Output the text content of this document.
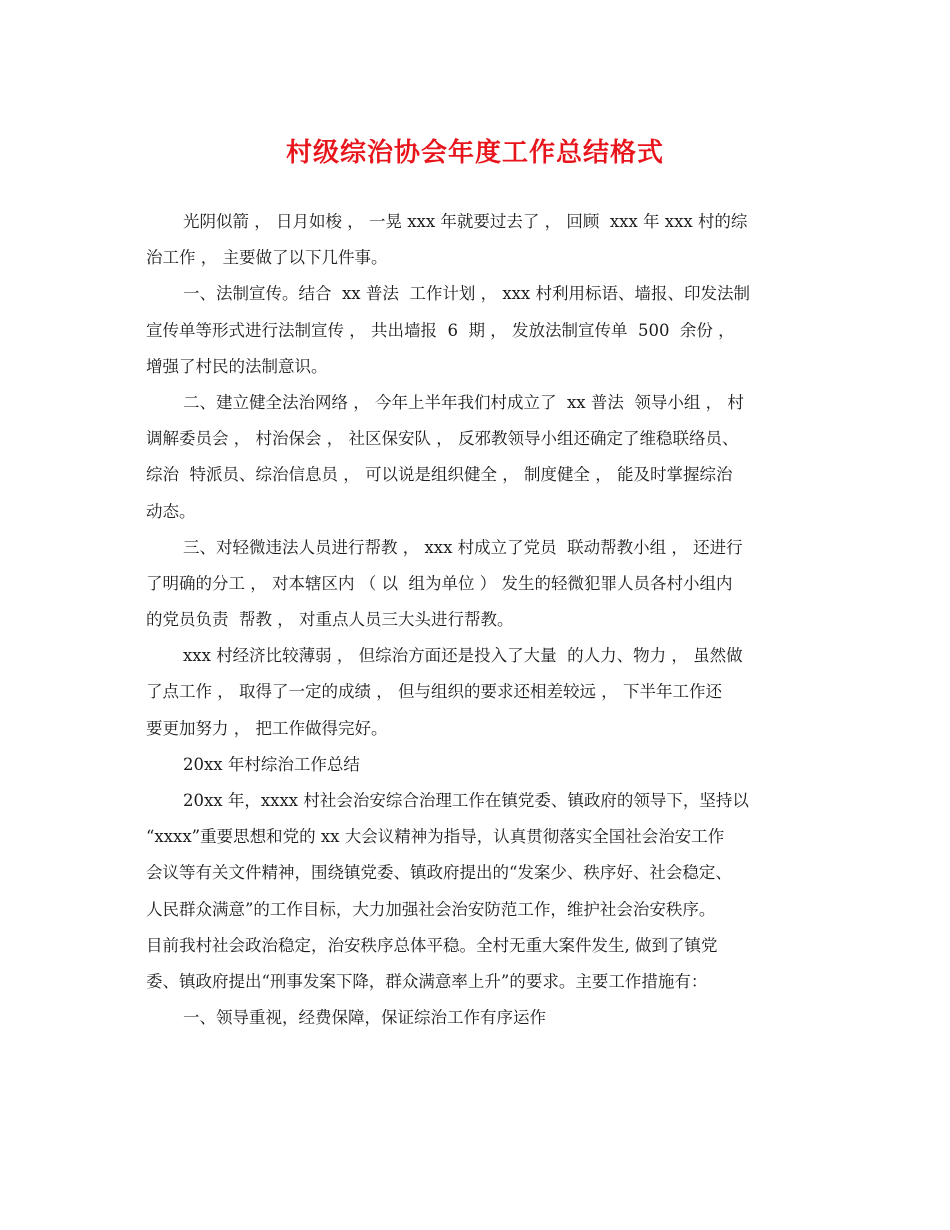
村级综治协会年度工作总结格式
光阴似箭 ， 日月如梭 ， 一晃 xxx 年就要过去了 ， 回顾  xxx 年 xxx 村的综
治工作 ， 主要做了以下几件事。
一、法制宣传。结合  xx 普法  工作计划 ， xxx 村利用标语、墙报、印发法制
宣传单等形式进行法制宣传 ， 共出墙报  6  期 ， 发放法制宣传单  500  余份 ，
增强了村民的法制意识。
二、建立健全法治网络 ， 今年上半年我们村成立了  xx 普法  领导小组 ， 村
调解委员会 ， 村治保会 ， 社区保安队 ， 反邪教领导小组还确定了维稳联络员、
综治  特派员、综治信息员 ， 可以说是组织健全 ， 制度健全 ， 能及时掌握综治
动态。
三、对轻微违法人员进行帮教 ， xxx 村成立了党员  联动帮教小组 ， 还进行
了明确的分工 ， 对本辖区内 （ 以  组为单位 ） 发生的轻微犯罪人员各村小组内
的党员负责  帮教 ， 对重点人员三大头进行帮教。
xxx 村经济比较薄弱 ， 但综治方面还是投入了大量  的人力、物力 ， 虽然做
了点工作 ， 取得了一定的成绩 ， 但与组织的要求还相差较远 ， 下半年工作还
要更加努力 ， 把工作做得完好。
20xx 年村综治工作总结
20xx 年，xxxx 村社会治安综合治理工作在镇党委、镇政府的领导下，坚持以
“xxxx”重要思想和党的 xx 大会议精神为指导，认真贯彻落实全国社会治安工作
会议等有关文件精神，围绕镇党委、镇政府提出的“发案少、秩序好、社会稳定、
人民群众满意”的工作目标，大力加强社会治安防范工作，维护社会治安秩序。
目前我村社会政治稳定，治安秩序总体平稳。全村无重大案件发生, 做到了镇党
委、镇政府提出“刑事发案下降，群众满意率上升”的要求。主要工作措施有：
一、领导重视，经费保障，保证综治工作有序运作
